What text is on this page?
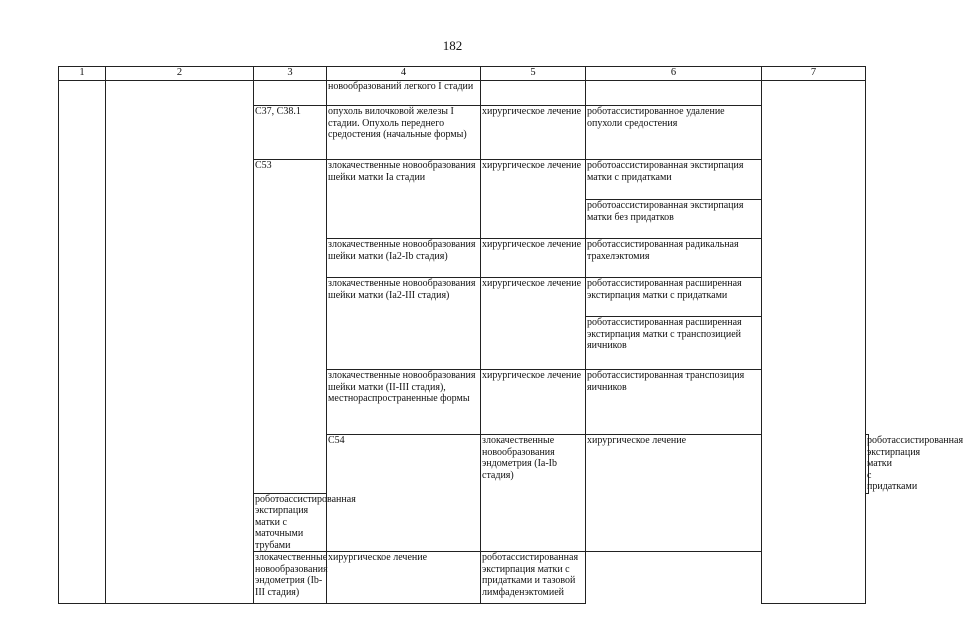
182
1	2	3	4	5	6	7	
			новообразований легкого I стадии				
		C37, C38.1	опухоль вилочковой железы I стадии. Опухоль переднего средостения (начальные формы)	хирургическое лечение	роботассистированное удаление опухоли средостения		
		C53	злокачественные новообразования шейки матки Ia стадии	хирургическое лечение	роботоассистированная экстирпация матки с придатками		
					роботоассистированная экстирпация матки без придатков		
			злокачественные новообразования шейки матки (Ia2-Ib стадия)	хирургическое лечение	роботассистированная радикальная трахелэктомия		
			злокачественные новообразования шейки матки (Ia2-III стадия)	хирургическое лечение	роботассистированная расширенная экстирпация матки с придатками		
					роботассистированная расширенная экстирпация матки с транспозицией яичников		
			злокачественные новообразования шейки матки (II-III стадия), местнораспространенные формы	хирургическое лечение	роботассистированная транспозиция яичников		
			C54	злокачественные новообразования эндометрия (Ia-Ib стадия)	хирургическое лечение		роботассистированная экстирпация матки с придатками
		роботоассистированная экстирпация матки с маточными трубами					
		злокачественные новообразования эндометрия (Ib-III стадия)	хирургическое лечение	роботассистированная экстирпация матки с придатками и тазовой лимфаденэктомией			
